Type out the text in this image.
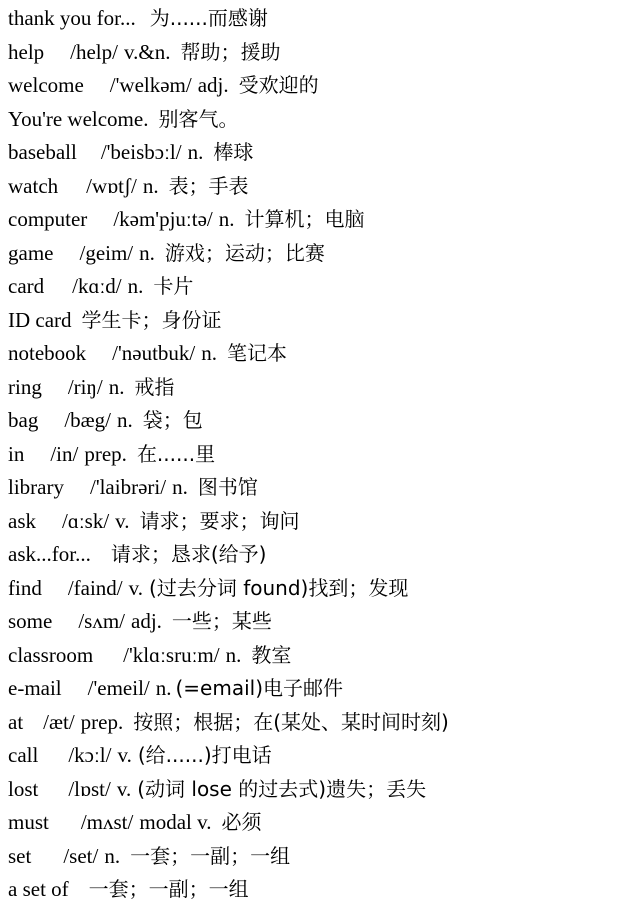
thank you for... 为......而感谢
help /help/ v.&n. 帮助；援助
welcome /'welkəm/ adj. 受欢迎的
You're welcome. 别客气。
baseball /'beisbɔːl/ n. 棒球
watch /wɒtʃ/ n. 表；手表
computer /kəm'pjuːtə/ n. 计算机；电脑
game /geim/ n. 游戏；运动；比赛
card /kɑːd/ n. 卡片
ID card 学生卡；身份证
notebook /'nəutbuk/ n. 笔记本
ring /riŋ/ n. 戒指
bag /bæg/ n. 袋；包
in /in/ prep. 在......里
library /'laibrəri/ n. 图书馆
ask /ɑːsk/ v. 请求；要求；询问
ask...for... 请求；恳求(给予)
find /faind/ v. (过去分词 found)找到；发现
some /sʌm/ adj. 一些；某些
classroom /'klɑːsruːm/ n. 教室
e-mail /'emeil/ n. (=email)电子邮件
at /æt/ prep. 按照；根据；在(某处、某时间时刻)
call /kɔːl/ v. (给......)打电话
lost /lɒst/ v. (动词 lose 的过去式)遗失；丢失
must /mʌst/ modal v. 必须
set /set/ n. 一套；一副；一组
a set of 一套；一副；一组
